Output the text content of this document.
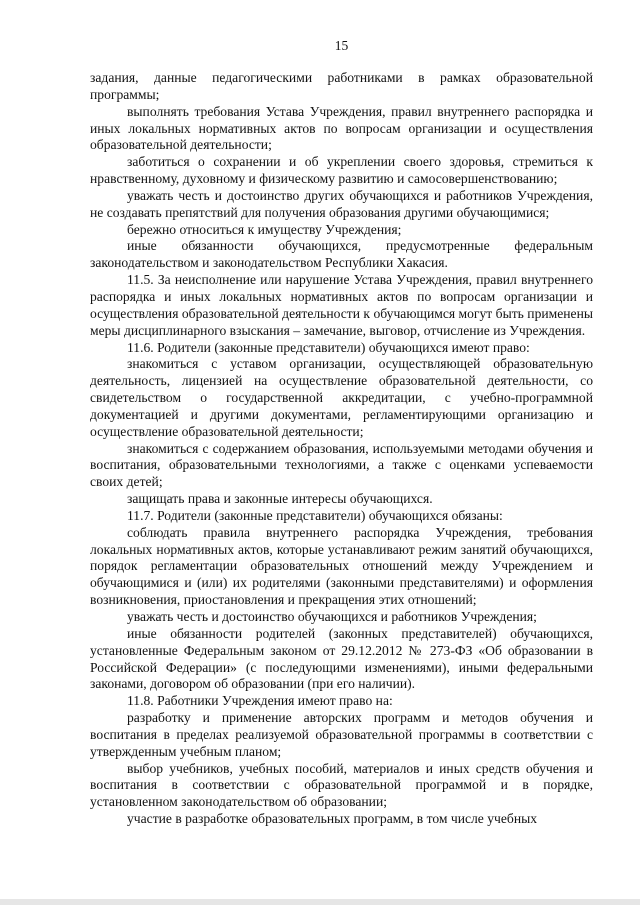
15

задания, данные педагогическими работниками в рамках образовательной программы;

выполнять требования Устава Учреждения, правил внутреннего распорядка и иных локальных нормативных актов по вопросам организации и осуществления образовательной деятельности;

заботиться о сохранении и об укреплении своего здоровья, стремиться к нравственному, духовному и физическому развитию и самосовершенствованию;

уважать честь и достоинство других обучающихся и работников Учреждения, не создавать препятствий для получения образования другими обучающимися;

бережно относиться к имуществу Учреждения;

иные обязанности обучающихся, предусмотренные федеральным законодательством и законодательством Республики Хакасия.

11.5. За неисполнение или нарушение Устава Учреждения, правил внутреннего распорядка и иных локальных нормативных актов по вопросам организации и осуществления образовательной деятельности к обучающимся могут быть применены меры дисциплинарного взыскания – замечание, выговор, отчисление из Учреждения.

11.6. Родители (законные представители) обучающихся имеют право:

знакомиться с уставом организации, осуществляющей образовательную деятельность, лицензией на осуществление образовательной деятельности, со свидетельством о государственной аккредитации, с учебно-программной документацией и другими документами, регламентирующими организацию и осуществление образовательной деятельности;

знакомиться с содержанием образования, используемыми методами обучения и воспитания, образовательными технологиями, а также с оценками успеваемости своих детей;

защищать права и законные интересы обучающихся.

11.7. Родители (законные представители) обучающихся обязаны:

соблюдать правила внутреннего распорядка Учреждения, требования локальных нормативных актов, которые устанавливают режим занятий обучающихся, порядок регламентации образовательных отношений между Учреждением и обучающимися и (или) их родителями (законными представителями) и оформления возникновения, приостановления и прекращения этих отношений;

уважать честь и достоинство обучающихся и работников Учреждения;

иные обязанности родителей (законных представителей) обучающихся, установленные Федеральным законом от 29.12.2012 № 273-ФЗ «Об образовании в Российской Федерации» (с последующими изменениями), иными федеральными законами, договором об образовании (при его наличии).

11.8. Работники Учреждения имеют право на:

разработку и применение авторских программ и методов обучения и воспитания в пределах реализуемой образовательной программы в соответствии с утвержденным учебным планом;

выбор учебников, учебных пособий, материалов и иных средств обучения и воспитания в соответствии с образовательной программой и в порядке, установленном законодательством об образовании;

участие в разработке образовательных программ, в том числе учебных
